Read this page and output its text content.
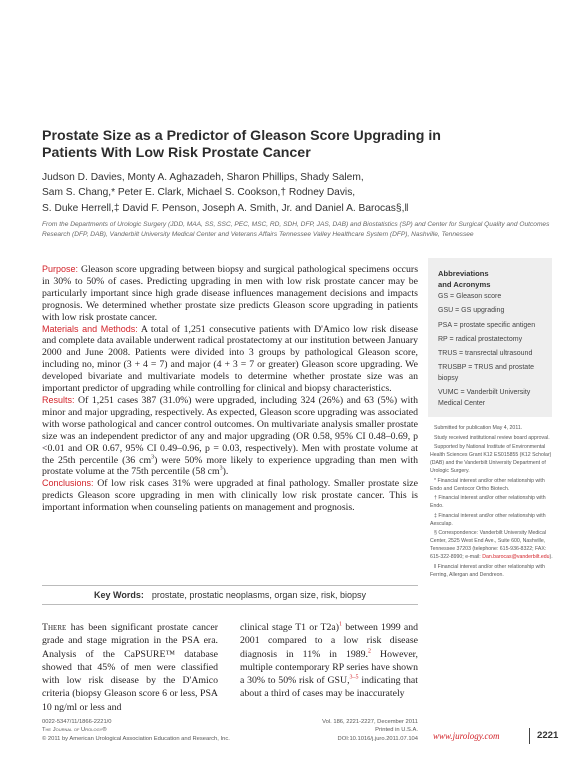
Prostate Size as a Predictor of Gleason Score Upgrading in Patients With Low Risk Prostate Cancer
Judson D. Davies, Monty A. Aghazadeh, Sharon Phillips, Shady Salem,
Sam S. Chang,* Peter E. Clark, Michael S. Cookson,† Rodney Davis,
S. Duke Herrell,‡ David F. Penson, Joseph A. Smith, Jr. and Daniel A. Barocas§,‖
From the Departments of Urologic Surgery (JDD, MAA, SS, SSC, PEC, MSC, RD, SDH, DFP, JAS, DAB) and Biostatistics (SP) and Center for Surgical Quality and Outcomes Research (DFP, DAB), Vanderbilt University Medical Center and Veterans Affairs Tennessee Valley Healthcare System (DFP), Nashville, Tennessee

Purpose: Gleason score upgrading between biopsy and surgical pathological specimens occurs in 30% to 50% of cases. Predicting upgrading in men with low risk prostate cancer may be particularly important since high grade disease influences management decisions and impacts prognosis. We determined whether prostate size predicts Gleason score upgrading in patients with low risk prostate cancer.

Materials and Methods: A total of 1,251 consecutive patients with D'Amico low risk disease and complete data available underwent radical prostatectomy at our institution between January 2000 and June 2008. Patients were divided into 3 groups by pathological Gleason score, including no, minor (3 + 4 = 7) and major (4 + 3 = 7 or greater) Gleason score upgrading. We developed bivariate and multivariate models to determine whether prostate size was an important predictor of upgrading while controlling for clinical and biopsy characteristics.

Results: Of 1,251 cases 387 (31.0%) were upgraded, including 324 (26%) and 63 (5%) with minor and major upgrading, respectively. As expected, Gleason score upgrading was associated with worse pathological and cancer control outcomes. On multivariate analysis smaller prostate size was an independent predictor of any and major upgrading (OR 0.58, 95% CI 0.48–0.69, p <0.01 and OR 0.67, 95% CI 0.49–0.96, p = 0.03, respectively). Men with prostate volume at the 25th percentile (36 $cm^3$) were 50% more likely to experience upgrading than men with prostate volume at the 75th percentile (58 $cm^3$).

Conclusions: Of low risk cases 31% were upgraded at final pathology. Smaller prostate size predicts Gleason score upgrading in men with clinically low risk prostate cancer. This is important information when counseling patients on management and prognosis.

Key Words: prostate, prostatic neoplasms, organ size, risk, biopsy
Abbreviations
and Acronyms
GS = Gleason score
GSU = GS upgrading
PSA = prostate specific antigen
RP = radical prostatectomy
TRUS = transrectal ultrasound
TRUSBP = TRUS and prostate biopsy
VUMC = Vanderbilt University Medical Center

Submitted for publication May 4, 2011.

Study received institutional review board approval.

Supported by National Institute of Environmental Health Sciences Grant K12 ES015855 (K12 Scholar) (DAB) and the Vanderbilt University Department of Urologic Surgery.

* Financial interest and/or other relationship with Endo and Centocor Ortho Biotech.

† Financial interest and/or other relationship with Endo.

‡ Financial interest and/or other relationship with Aesculap.

§ Correspondence: Vanderbilt University Medical Center, 2525 West End Ave., Suite 600, Nashville, Tennessee 37203 (telephone: 615-936-8322; FAX: 615-322-8990; e-mail: Dan.barocas@vanderbilt.edu).

‖ Financial interest and/or other relationship with Ferring, Allergan and Dendreon.

There has been significant prostate cancer grade and stage migration in the PSA era. Analysis of the CaPSURE™ database showed that 45% of men were classified with low risk disease by the D'Amico criteria (biopsy Gleason score 6 or less, PSA 10 ng/ml or less and
clinical stage T1 or T2a)$^1$ between 1999 and 2001 compared to a low risk disease diagnosis in 11% in 1989.$^2$ However, multiple contemporary RP series have shown a 30% to 50% risk of GSU,$^{3-5}$ indicating that about a third of cases may be inaccurately
0022-5347/11/1866-2221/0
The Journal of Urology®
© 2011 by American Urological Association Education and Research, Inc.
Vol. 186, 2221-2227, December 2011
Printed in U.S.A.
DOI:10.1016/j.juro.2011.07.104 www.jurology.com	2221
